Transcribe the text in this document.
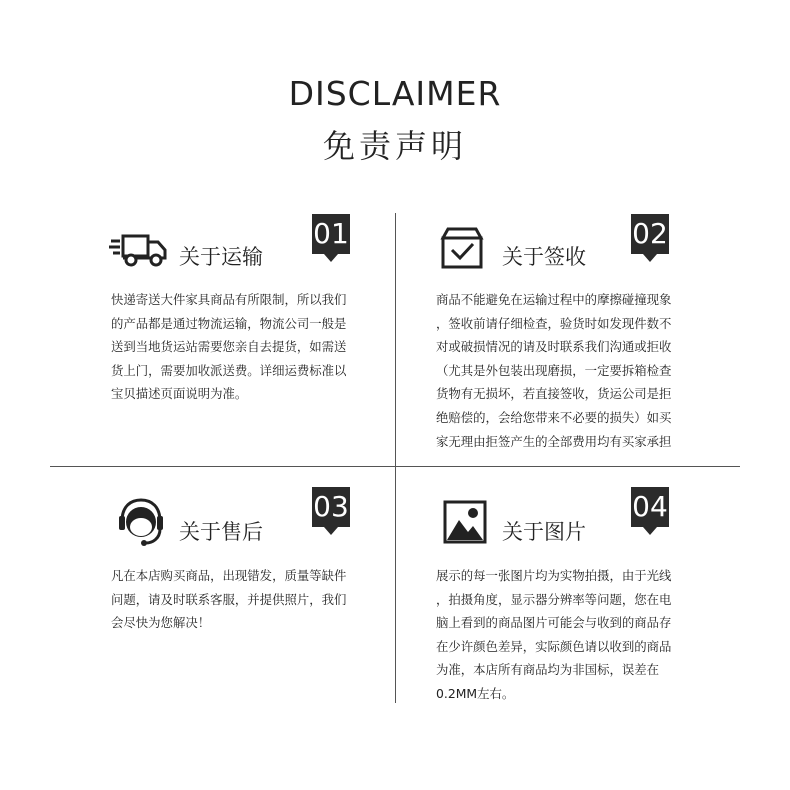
DISCLAIMER
免责声明
关于运输
01
快递寄送大件家具商品有所限制，所以我们
的产品都是通过物流运输，物流公司一般是
送到当地货运站需要您亲自去提货，如需送
货上门，需要加收派送费。详细运费标准以
宝贝描述页面说明为准。
关于签收
02
商品不能避免在运输过程中的摩擦碰撞现象
，签收前请仔细检查，验货时如发现件数不
对或破损情况的请及时联系我们沟通或拒收
（尤其是外包装出现磨损，一定要拆箱检查
货物有无损坏，若直接签收，货运公司是拒
绝赔偿的，会给您带来不必要的损失）如买
家无理由拒签产生的全部费用均有买家承担
关于售后
03
凡在本店购买商品，出现错发，质量等缺件
问题，请及时联系客服，并提供照片，我们
会尽快为您解决！
关于图片
04
展示的每一张图片均为实物拍摄，由于光线
，拍摄角度，显示器分辨率等问题，您在电
脑上看到的商品图片可能会与收到的商品存
在少许颜色差异，实际颜色请以收到的商品
为准，本店所有商品均为非国标，误差在
0.2MM左右。
